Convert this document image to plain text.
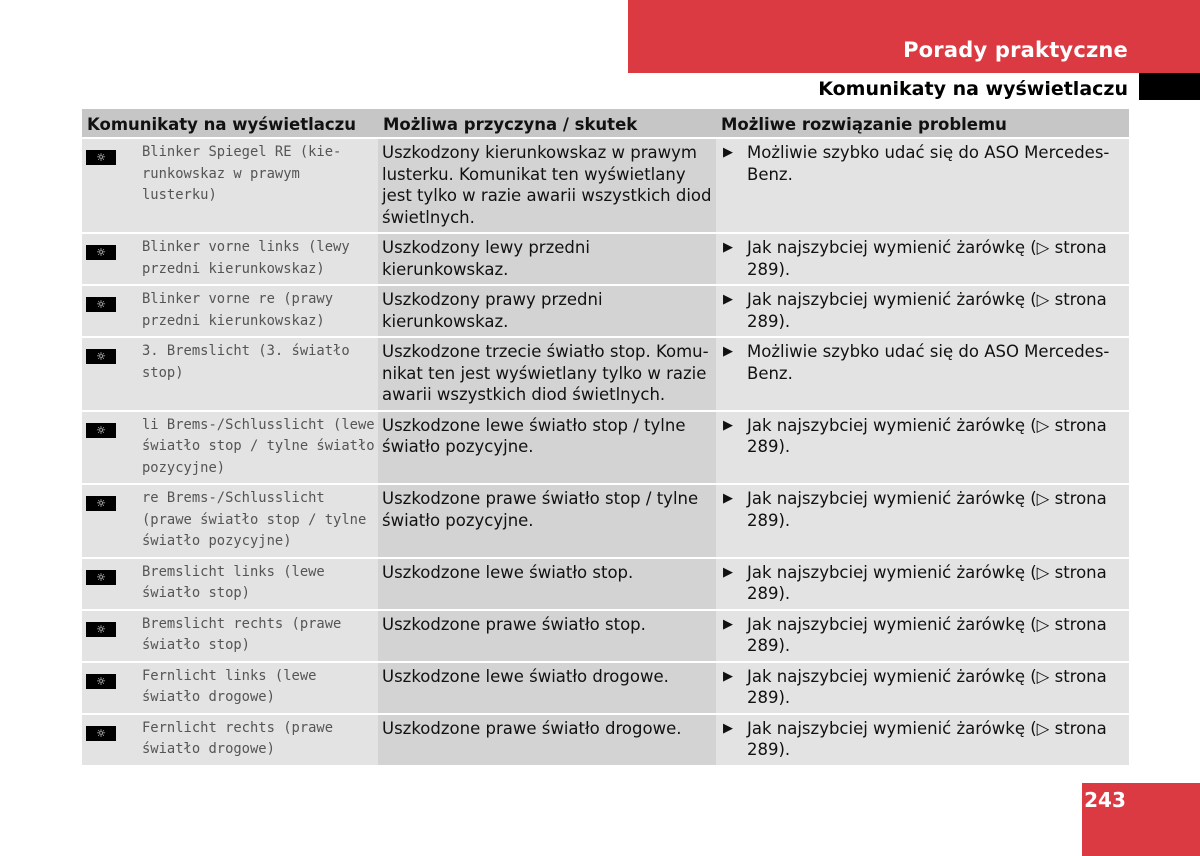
Porady praktyczne
Komunikaty na wyświetlaczu
Komunikaty na wyświetlaczu		Możliwa przyczyna / skutek	Możliwe rozwiązanie problemu
☼	Blinker Spiegel RE (kie-runkowskaz w prawym lusterku)	Uszkodzony kierunkowskaz w prawym lusterku. Komunikat ten wyświetlany jest tylko w razie awarii wszystkich diod świetlnych.	▶ Możliwie szybko udać się do ASO Mercedes-Benz.

☼	Blinker vorne links (lewy przedni kierunkowskaz)	Uszkodzony lewy przedni kierunkowskaz.	▶ Jak najszybciej wymienić żarówkę (▷ strona 289).

☼	Blinker vorne re (prawy przedni kierunkowskaz)	Uszkodzony prawy przedni kierunkowskaz.	▶ Jak najszybciej wymienić żarówkę (▷ strona 289).

☼	3. Bremslicht (3. światło stop)	Uszkodzone trzecie światło stop. Komu-nikat ten jest wyświetlany tylko w razie awarii wszystkich diod świetlnych.	▶ Możliwie szybko udać się do ASO Mercedes-Benz.

☼	li Brems-/Schlusslicht (lewe światło stop / tylne światło pozycyjne)	Uszkodzone lewe światło stop / tylne światło pozycyjne.	▶ Jak najszybciej wymienić żarówkę (▷ strona 289).

☼	re Brems-/Schlusslicht (prawe światło stop / tylne światło pozycyjne)	Uszkodzone prawe światło stop / tylne światło pozycyjne.	▶ Jak najszybciej wymienić żarówkę (▷ strona 289).

☼	Bremslicht links (lewe światło stop)	Uszkodzone lewe światło stop.	▶ Jak najszybciej wymienić żarówkę (▷ strona 289).

☼	Bremslicht rechts (prawe światło stop)	Uszkodzone prawe światło stop.	▶ Jak najszybciej wymienić żarówkę (▷ strona 289).

☼	Fernlicht links (lewe światło drogowe)	Uszkodzone lewe światło drogowe.	▶ Jak najszybciej wymienić żarówkę (▷ strona 289).

☼	Fernlicht rechts (prawe światło drogowe)	Uszkodzone prawe światło drogowe.	▶ Jak najszybciej wymienić żarówkę (▷ strona 289).
243
